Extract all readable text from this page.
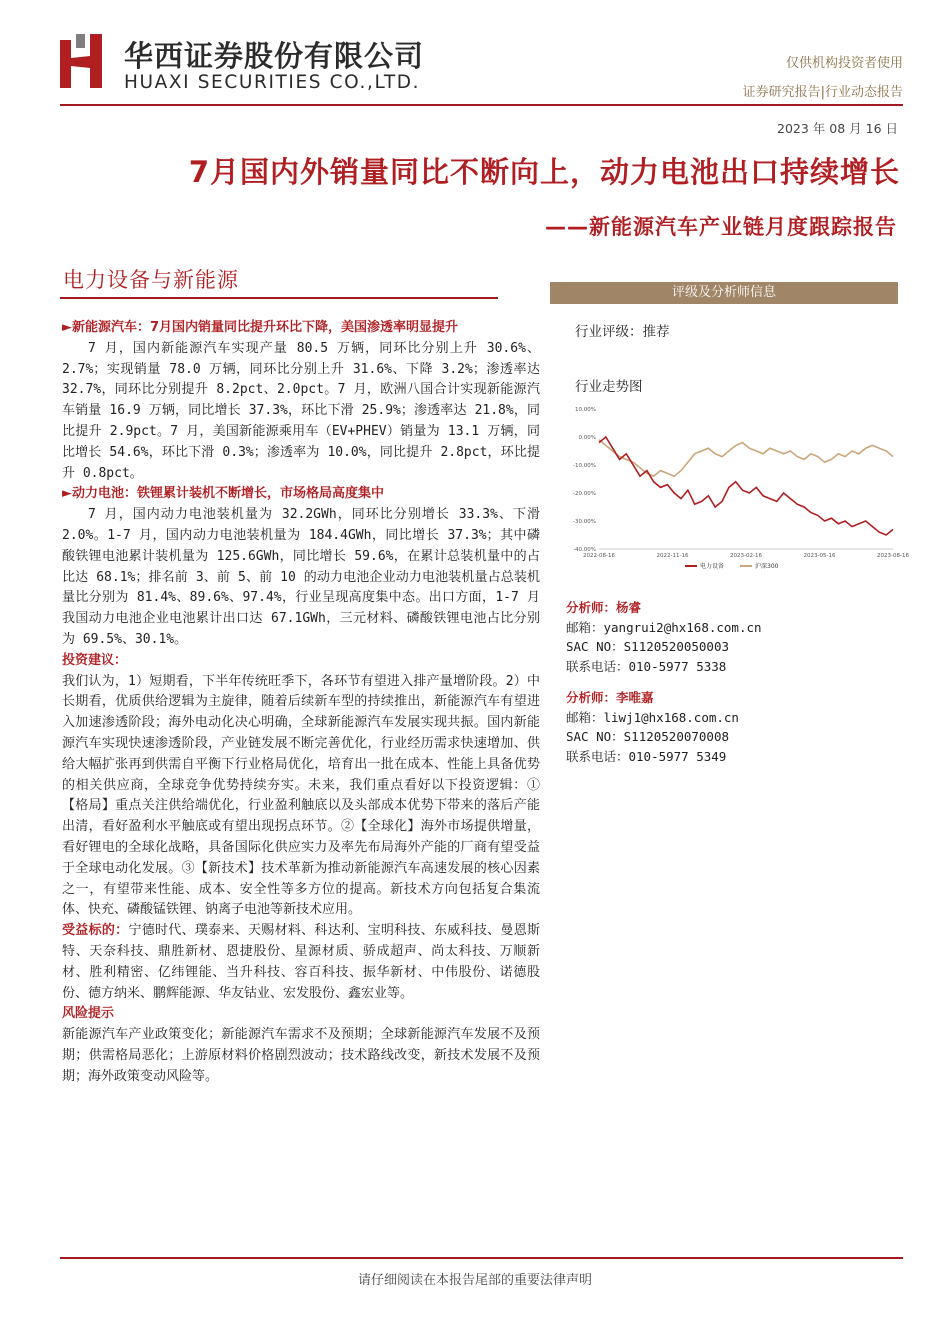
华西证券股份有限公司
HUAXI SECURITIES CO.,LTD.
仅供机构投资者使用
证券研究报告|行业动态报告
2023 年 08 月 16 日
7月国内外销量同比不断向上，动力电池出口持续增长
——新能源汽车产业链月度跟踪报告
电力设备与新能源
►新能源汽车：7月国内销量同比提升环比下降，美国渗透率明显提升

7 月，国内新能源汽车实现产量 80.5 万辆，同环比分别上升 30.6%、2.7%；实现销量 78.0 万辆，同环比分别上升 31.6%、下降 3.2%；渗透率达 32.7%，同环比分别提升 8.2pct、2.0pct。7 月，欧洲八国合计实现新能源汽车销量 16.9 万辆，同比增长 37.3%，环比下滑 25.9%；渗透率达 21.8%，同比提升 2.9pct。7 月，美国新能源乘用车（EV+PHEV）销量为 13.1 万辆，同比增长 54.6%，环比下滑 0.3%；渗透率为 10.0%，同比提升 2.8pct，环比提升 0.8pct。

►动力电池：铁锂累计装机不断增长，市场格局高度集中

7 月，国内动力电池装机量为 32.2GWh，同环比分别增长 33.3%、下滑 2.0%。1-7 月，国内动力电池装机量为 184.4GWh，同比增长 37.3%；其中磷酸铁锂电池累计装机量为 125.6GWh，同比增长 59.6%，在累计总装机量中的占比达 68.1%；排名前 3、前 5、前 10 的动力电池企业动力电池装机量占总装机量比分别为 81.4%、89.6%、97.4%，行业呈现高度集中态。出口方面，1-7 月我国动力电池企业电池累计出口达 67.1GWh，三元材料、磷酸铁锂电池占比分别为 69.5%、30.1%。

投资建议：

我们认为，1）短期看，下半年传统旺季下，各环节有望进入排产量增阶段。2）中长期看，优质供给逻辑为主旋律，随着后续新车型的持续推出，新能源汽车有望进入加速渗透阶段；海外电动化决心明确，全球新能源汽车发展实现共振。国内新能源汽车实现快速渗透阶段，产业链发展不断完善优化，行业经历需求快速增加、供给大幅扩张再到供需自平衡下行业格局优化，培育出一批在成本、性能上具备优势的相关供应商，全球竞争优势持续夯实。未来，我们重点看好以下投资逻辑：①【格局】重点关注供给端优化，行业盈利触底以及头部成本优势下带来的落后产能出清，看好盈利水平触底或有望出现拐点环节。②【全球化】海外市场提供增量，看好锂电的全球化战略，具备国际化供应实力及率先布局海外产能的厂商有望受益于全球电动化发展。③【新技术】技术革新为推动新能源汽车高速发展的核心因素之一，有望带来性能、成本、安全性等多方位的提高。新技术方向包括复合集流体、快充、磷酸锰铁锂、钠离子电池等新技术应用。

受益标的：宁德时代、璞泰来、天赐材料、科达利、宝明科技、东威科技、曼恩斯特、天奈科技、鼎胜新材、恩捷股份、星源材质、骄成超声、尚太科技、万顺新材、胜利精密、亿纬锂能、当升科技、容百科技、振华新材、中伟股份、诺德股份、德方纳米、鹏辉能源、华友钴业、宏发股份、鑫宏业等。
风险提示

新能源汽车产业政策变化；新能源汽车需求不及预期；全球新能源汽车发展不及预期；供需格局恶化；上游原材料价格剧烈波动；技术路线改变，新技术发展不及预期；海外政策变动风险等。

评级及分析师信息
行业评级：推荐
行业走势图
10.00%
0.00%
-10.00%
-20.00%
-30.00%
-40.00%
2022-08-16	2022-11-16	2023-02-16	2023-05-16	2023-08-16
电力设备	沪深300
分析师：杨睿
邮箱：yangrui2@hx168.com.cn
SAC NO：S1120520050003
联系电话：010-5977 5338
分析师：李唯嘉
邮箱：liwj1@hx168.com.cn
SAC NO：S1120520070008
联系电话：010-5977 5349
请仔细阅读在本报告尾部的重要法律声明
